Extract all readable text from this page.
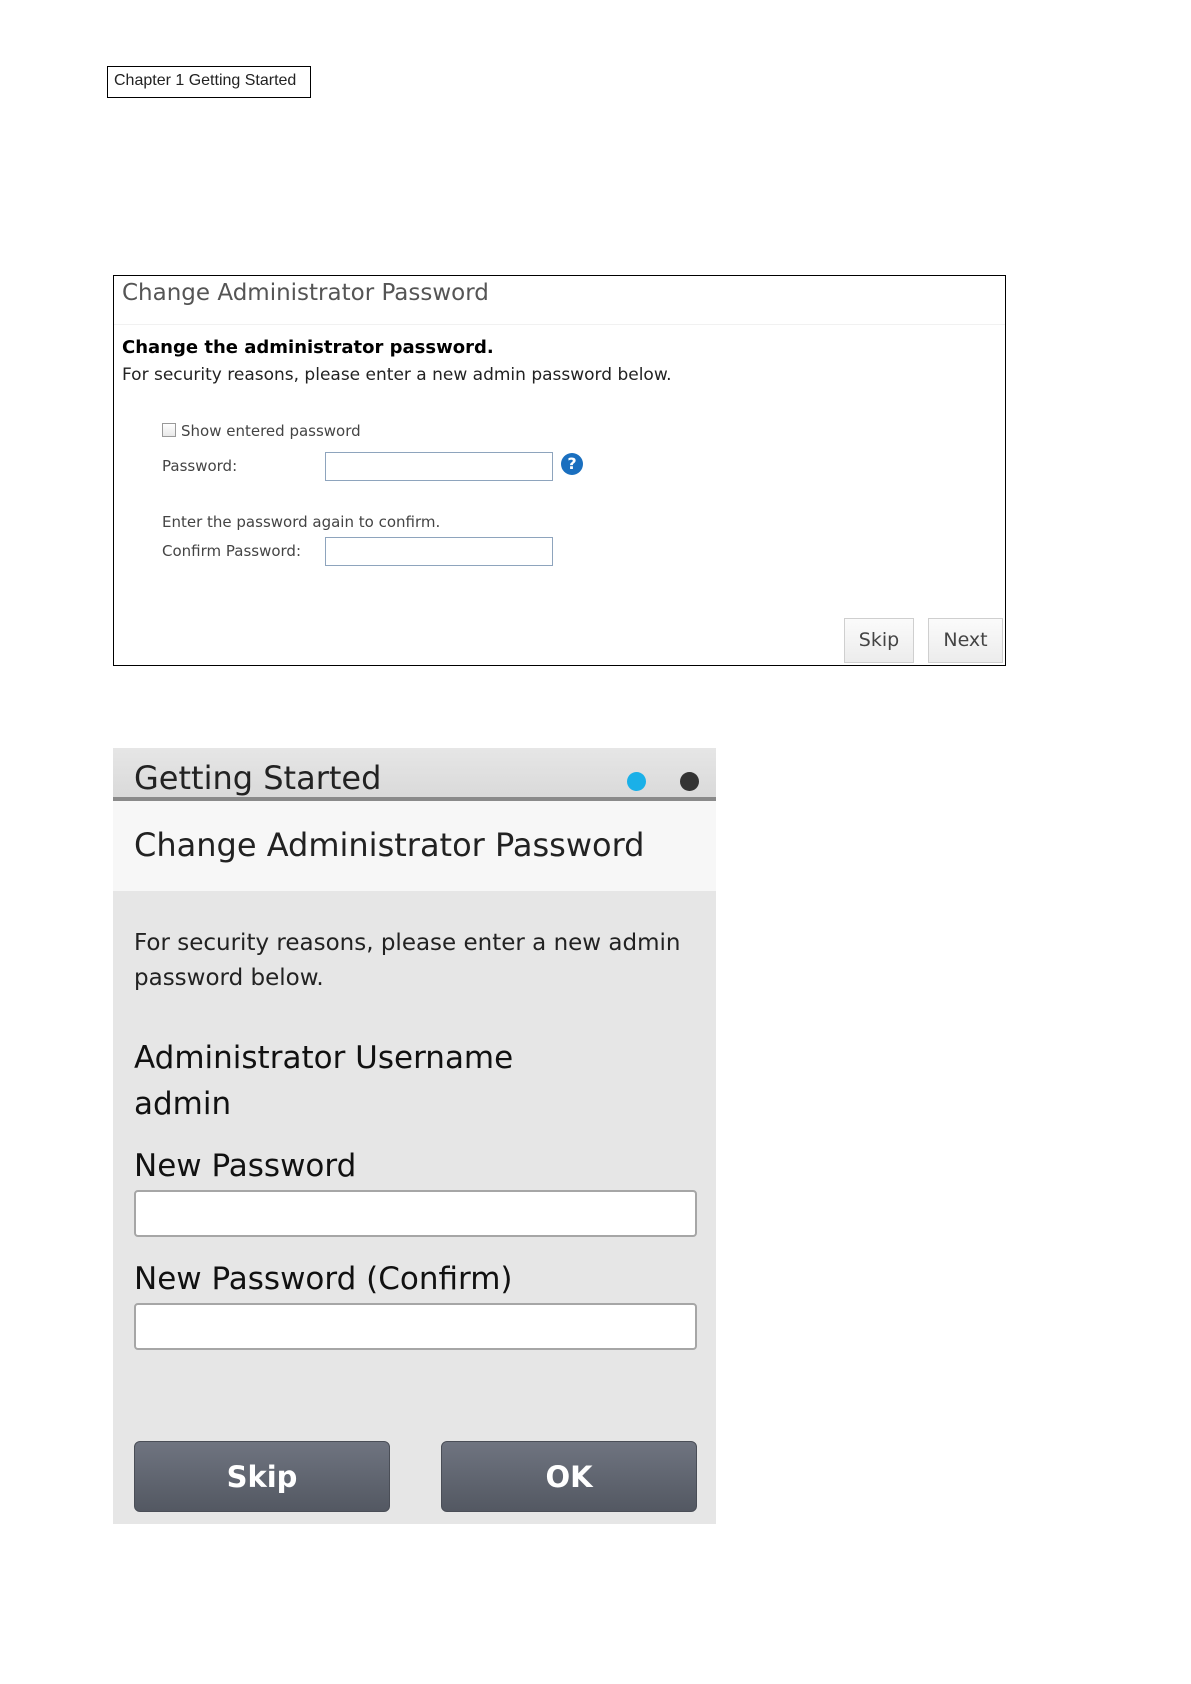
Chapter 1 Getting Started
Change Administrator Password
Change the administrator password.
For security reasons, please enter a new admin password below.
Show entered password
Password:	?
Enter the password again to confirm.
Confirm Password:
Skip	Next
Getting Started
Change Administrator Password
For security reasons, please enter a new admin password below.
Administrator Username
admin
New Password
New Password (Confirm)
Skip	OK
